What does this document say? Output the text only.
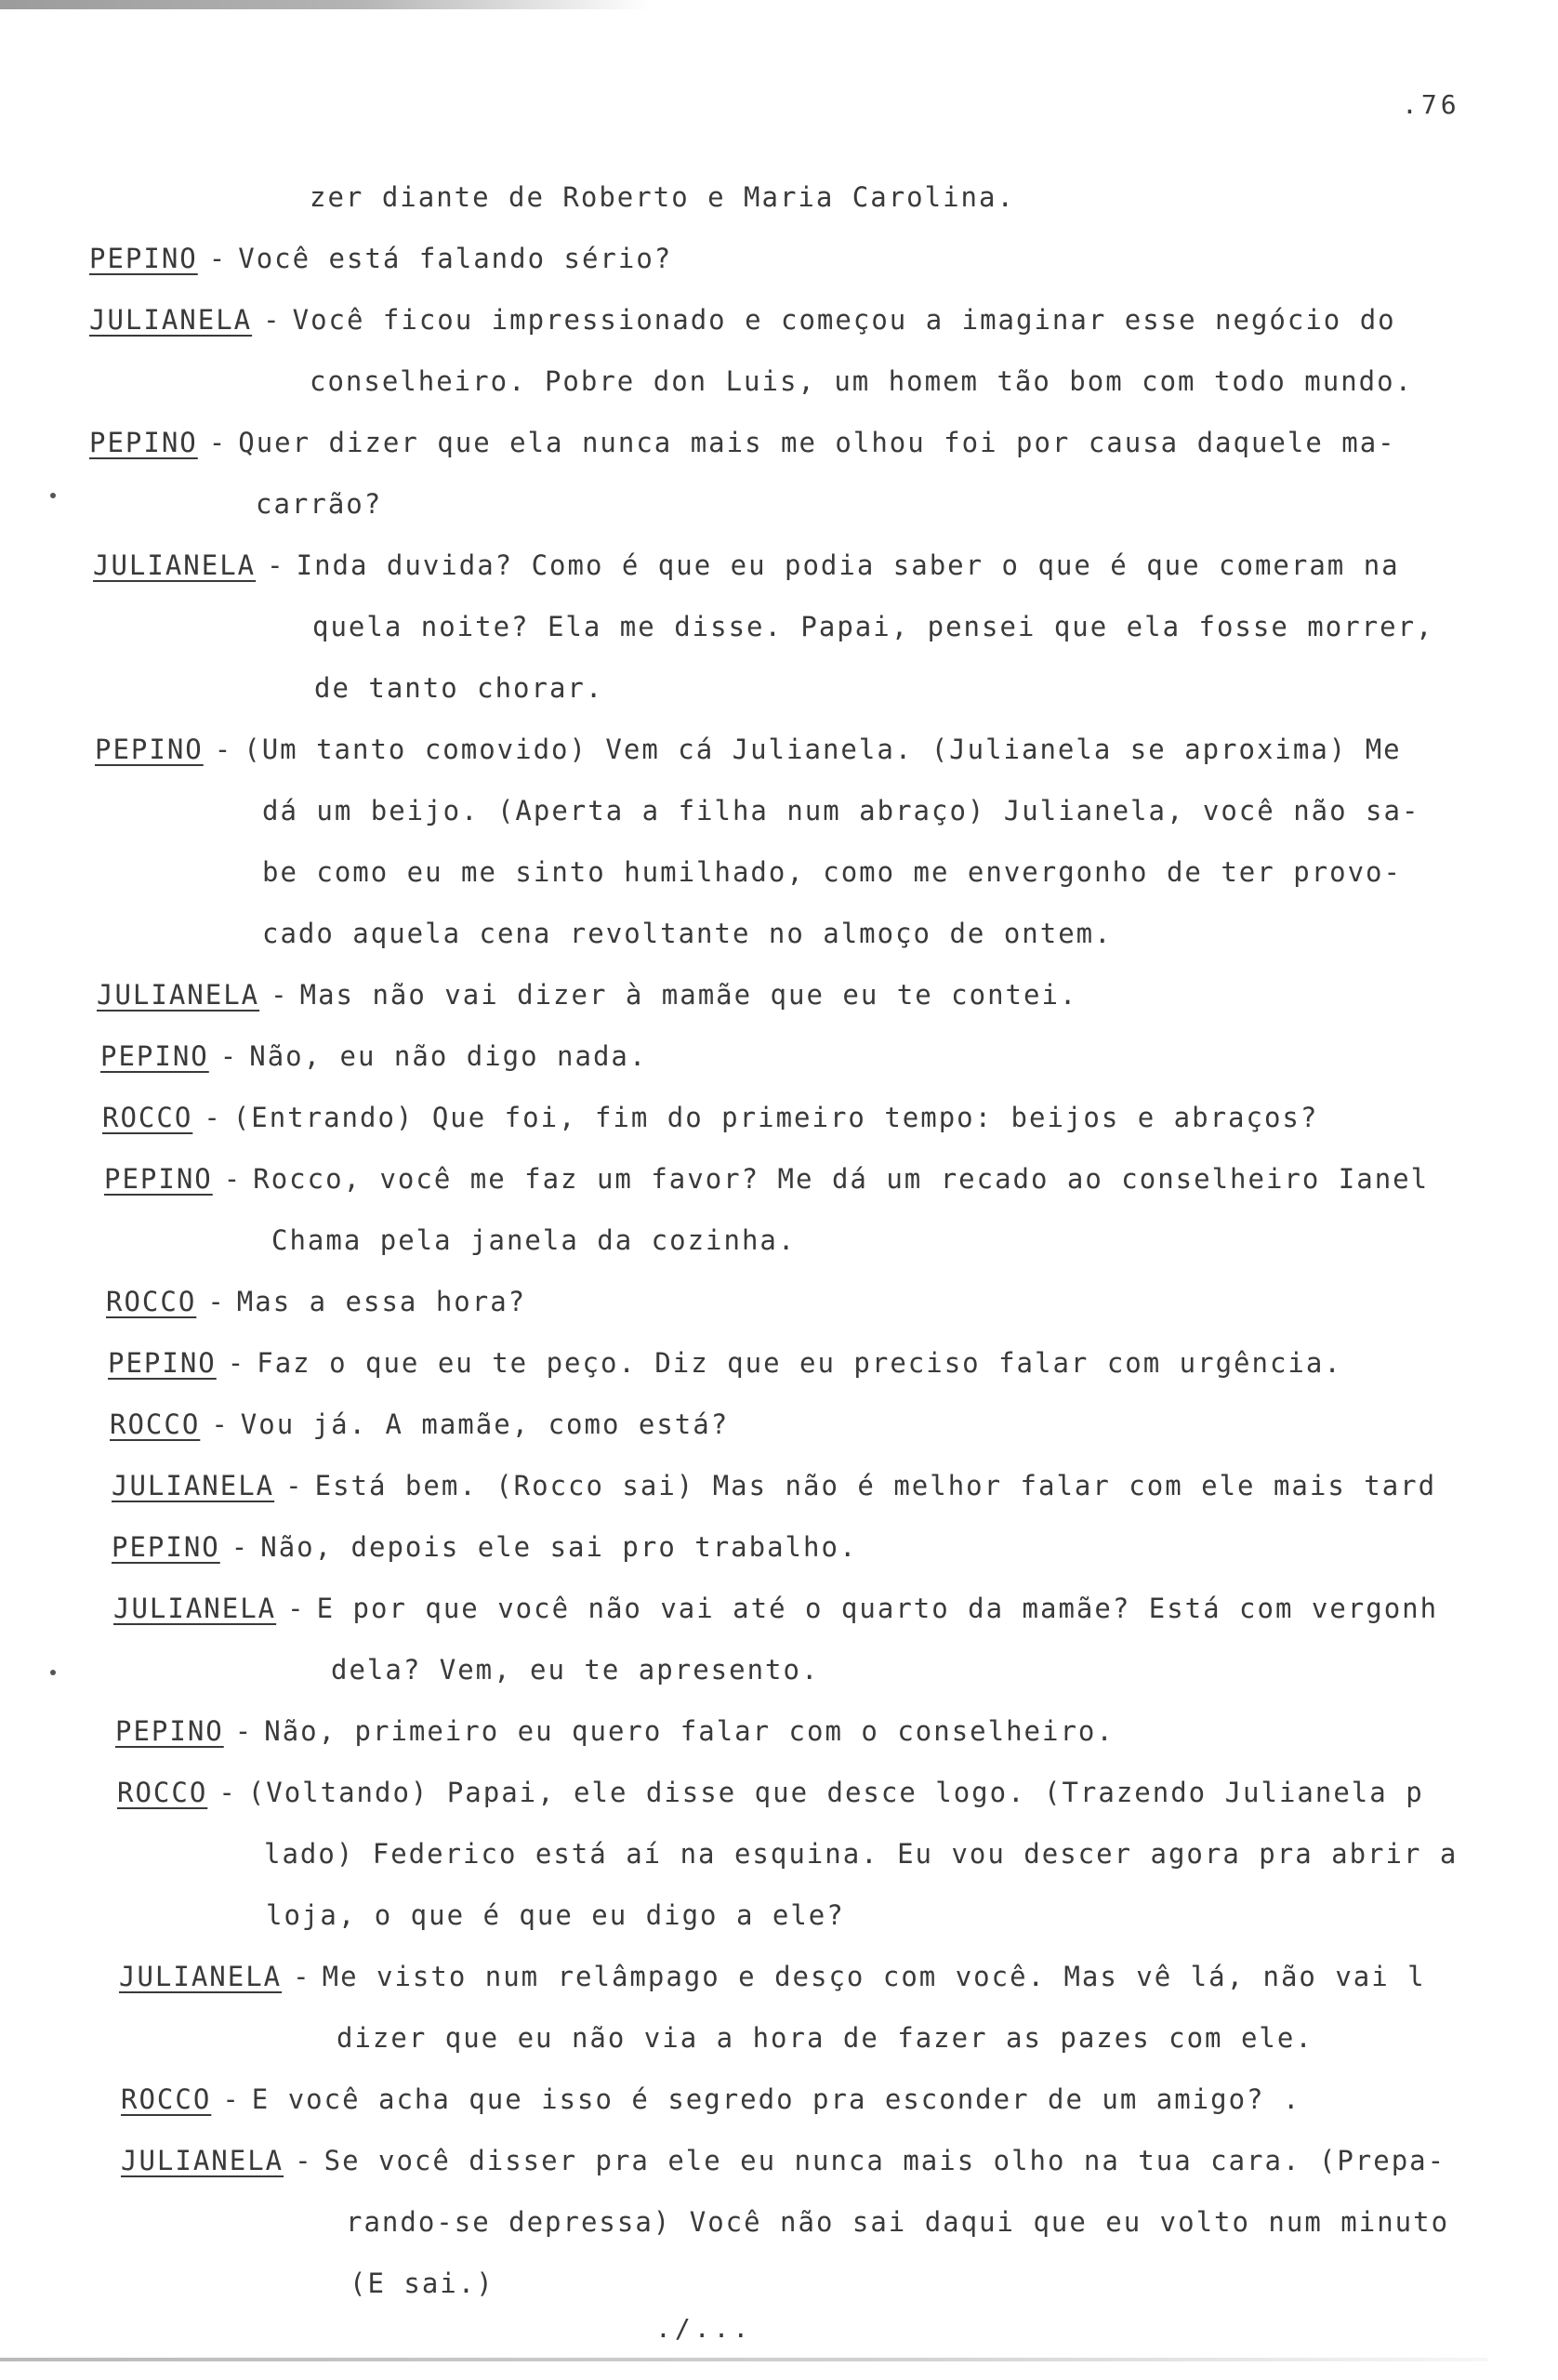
.76
zer diante de Roberto e Maria Carolina.
PEPINO - Você está falando sério?
JULIANELA - Você ficou impressionado e começou a imaginar esse negócio do
conselheiro. Pobre don Luis, um homem tão bom com todo mundo.
PEPINO - Quer dizer que ela nunca mais me olhou foi por causa daquele ma-
carrão?
JULIANELA - Inda duvida? Como é que eu podia saber o que é que comeram na
quela noite? Ela me disse. Papai, pensei que ela fosse morrer,
de tanto chorar.
PEPINO - (Um tanto comovido) Vem cá Julianela. (Julianela se aproxima) Me
dá um beijo. (Aperta a filha num abraço) Julianela, você não sa-
be como eu me sinto humilhado, como me envergonho de ter provo-
cado aquela cena revoltante no almoço de ontem.
JULIANELA - Mas não vai dizer à mamãe que eu te contei.
PEPINO - Não, eu não digo nada.
ROCCO - (Entrando) Que foi, fim do primeiro tempo: beijos e abraços?
PEPINO - Rocco, você me faz um favor? Me dá um recado ao conselheiro Ianel
Chama pela janela da cozinha.
ROCCO - Mas a essa hora?
PEPINO - Faz o que eu te peço. Diz que eu preciso falar com urgência.
ROCCO - Vou já. A mamãe, como está?
JULIANELA - Está bem. (Rocco sai) Mas não é melhor falar com ele mais tard
PEPINO - Não, depois ele sai pro trabalho.
JULIANELA - E por que você não vai até o quarto da mamãe? Está com vergonh
dela? Vem, eu te apresento.
PEPINO - Não, primeiro eu quero falar com o conselheiro.
ROCCO - (Voltando) Papai, ele disse que desce logo. (Trazendo Julianela p
lado) Federico está aí na esquina. Eu vou descer agora pra abrir a
loja, o que é que eu digo a ele?
JULIANELA - Me visto num relâmpago e desço com você. Mas vê lá, não vai l
dizer que eu não via a hora de fazer as pazes com ele.
ROCCO - E você acha que isso é segredo pra esconder de um amigo? .
JULIANELA - Se você disser pra ele eu nunca mais olho na tua cara. (Prepa-
rando-se depressa) Você não sai daqui que eu volto num minuto
(E sai.)
./...
